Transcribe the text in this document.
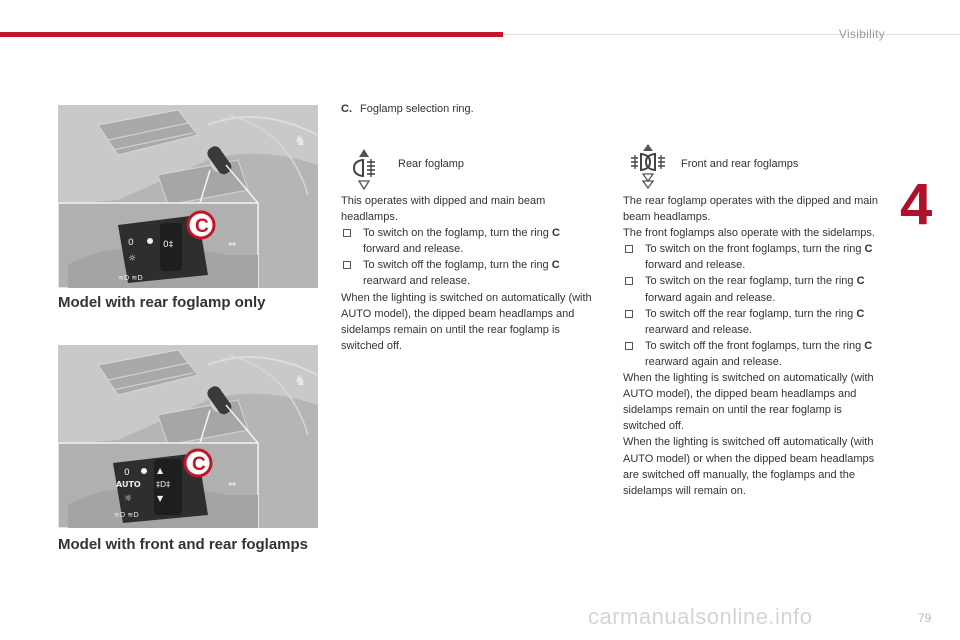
Visibility
4
79
carmanualsonline.info
♞
0
☼
0‡
≋D ≋D
⇔
C
Model with rear foglamp only
♞
0
AUTO
☼
▲
‡D‡
▼
≋D ≋D
⇔
C
Model with front and rear foglamps
C. Foglamp selection ring.
Rear foglamp	Front and rear foglamps

This operates with dipped and main beam headlamps.

To switch on the foglamp, turn the ring C forward and release.
To switch off the foglamp, turn the ring C rearward and release.

When the lighting is switched on automatically (with AUTO model), the dipped beam headlamps and sidelamps remain on until the rear foglamp is switched off.

The rear foglamp operates with the dipped and main beam headlamps.

The front foglamps also operate with the sidelamps.

To switch on the front foglamps, turn the ring C forward and release.
To switch on the rear foglamp, turn the ring C forward again and release.
To switch off the rear foglamp, turn the ring C rearward and release.
To switch off the front foglamps, turn the ring C rearward again and release.

When the lighting is switched on automatically (with AUTO model), the dipped beam headlamps and sidelamps remain on until the rear foglamp is switched off.

When the lighting is switched off automatically (with AUTO model) or when the dipped beam headlamps are switched off manually, the foglamps and the sidelamps will remain on.
